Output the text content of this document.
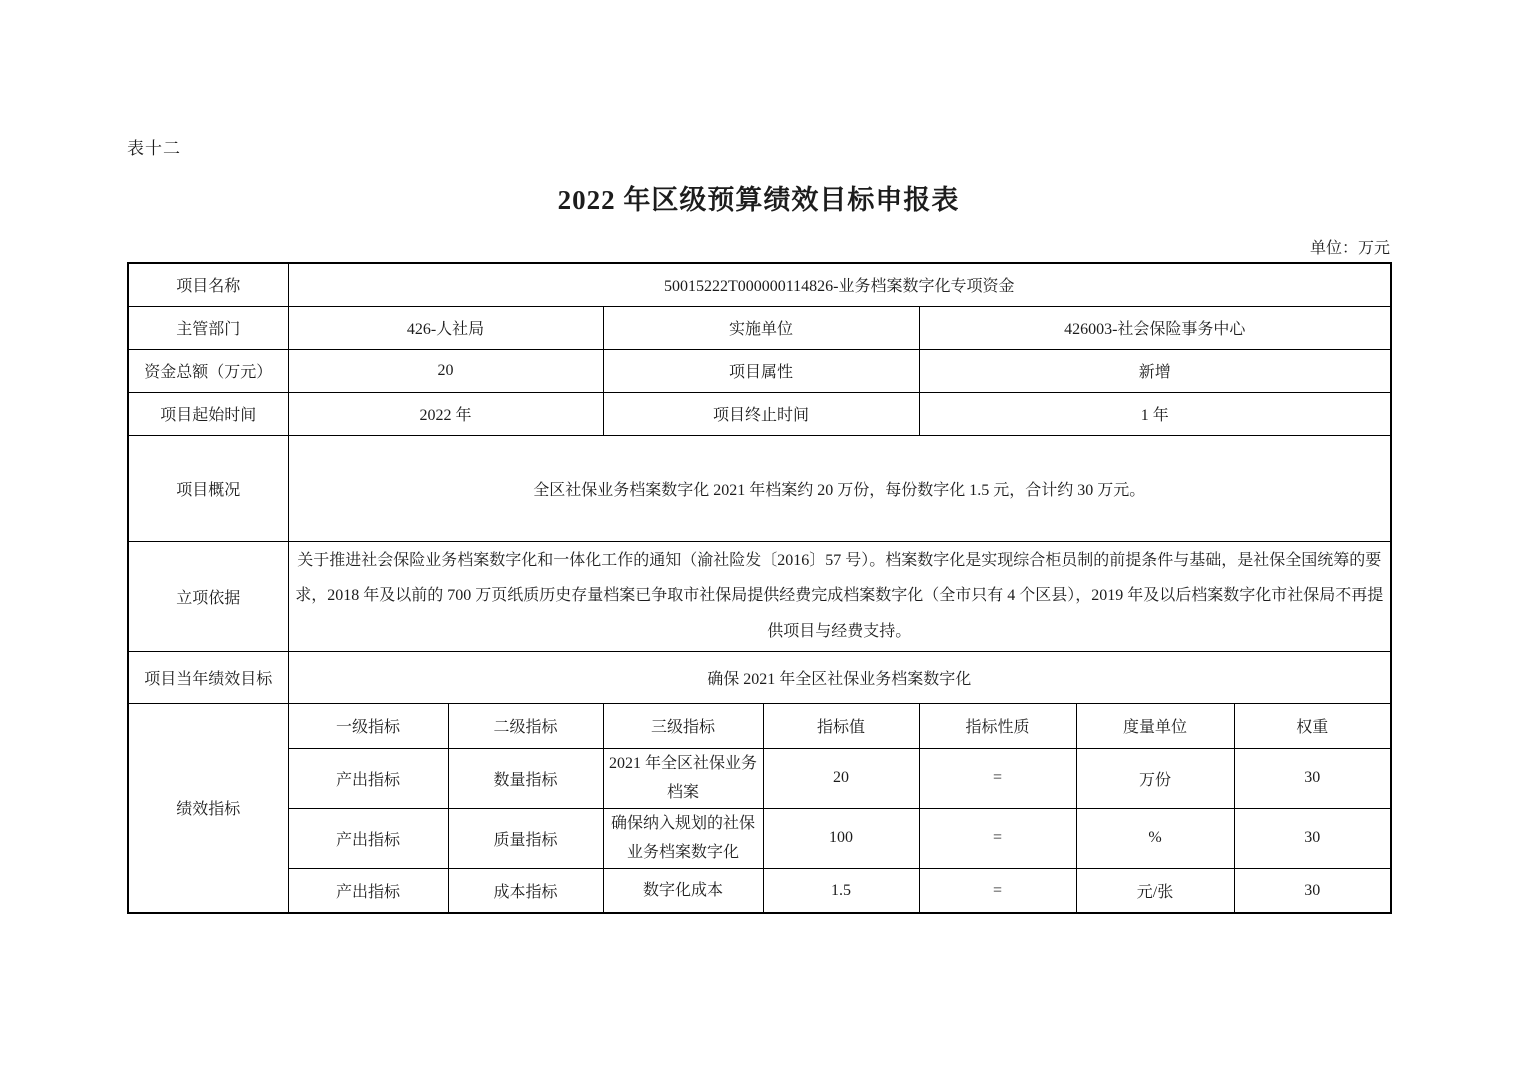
表十二
2022 年区级预算绩效目标申报表
单位：万元
项目名称	50015222T000000114826-业务档案数字化专项资金						
主管部门	426-人社局		实施单位		426003-社会保险事务中心		
资金总额（万元）	20		项目属性		新增		
项目起始时间	2022 年		项目终止时间		1 年		
项目概况	全区社保业务档案数字化 2021 年档案约 20 万份，每份数字化 1.5 元，合计约 30 万元。						
立项依据	关于推进社会保险业务档案数字化和一体化工作的通知（渝社险发〔2016〕57 号）。档案数字化是实现综合柜员制的前提条件与基础，是社保全国统筹的要求，2018 年及以前的 700 万页纸质历史存量档案已争取市社保局提供经费完成档案数字化（全市只有 4 个区县），2019 年及以后档案数字化市社保局不再提供项目与经费支持。						
项目当年绩效目标	确保 2021 年全区社保业务档案数字化						
绩效指标	一级指标	二级指标	三级指标	指标值	指标性质	度量单位	权重
	产出指标	数量指标	2021 年全区社保业务档案	20	=	万份	30
	产出指标	质量指标	确保纳入规划的社保业务档案数字化	100	=	%	30
	产出指标	成本指标	数字化成本	1.5	=	元/张	30
